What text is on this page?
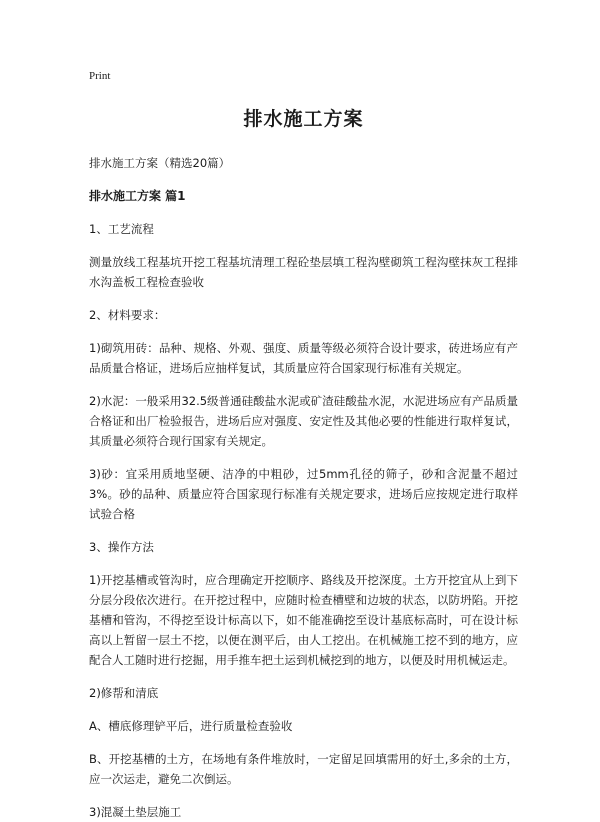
Print

排水施工方案

排水施工方案（精选20篇）

排水施工方案 篇1

1、工艺流程

测量放线工程基坑开挖工程基坑清理工程砼垫层填工程沟壁砌筑工程沟壁抹灰工程排水沟盖板工程检查验收

2、材料要求：

1)砌筑用砖：品种、规格、外观、强度、质量等级必须符合设计要求，砖进场应有产品质量合格证，进场后应抽样复试，其质量应符合国家现行标准有关规定。

2)水泥：一般采用32.5级普通硅酸盐水泥或矿渣硅酸盐水泥，水泥进场应有产品质量合格证和出厂检验报告，进场后应对强度、安定性及其他必要的性能进行取样复试，其质量必须符合现行国家有关规定。

3)砂：宜采用质地坚硬、洁净的中粗砂，过5mm孔径的筛子，砂和含泥量不超过3%。砂的品种、质量应符合国家现行标准有关规定要求，进场后应按规定进行取样试验合格

3、操作方法

1)开挖基槽或管沟时，应合理确定开挖顺序、路线及开挖深度。土方开挖宜从上到下分层分段依次进行。在开挖过程中，应随时检查槽壁和边坡的状态，以防坍陷。开挖基槽和管沟，不得挖至设计标高以下，如不能准确挖至设计基底标高时，可在设计标高以上暂留一层土不挖，以便在测平后，由人工挖出。在机械施工挖不到的地方，应配合人工随时进行挖掘，用手推车把土运到机械挖到的地方，以便及时用机械运走。

2)修帮和清底

A、槽底修理铲平后，进行质量检查验收

B、开挖基槽的土方，在场地有条件堆放时，一定留足回填需用的好土,多余的土方，应一次运走，避免二次倒运。

3)混凝土垫层施工
